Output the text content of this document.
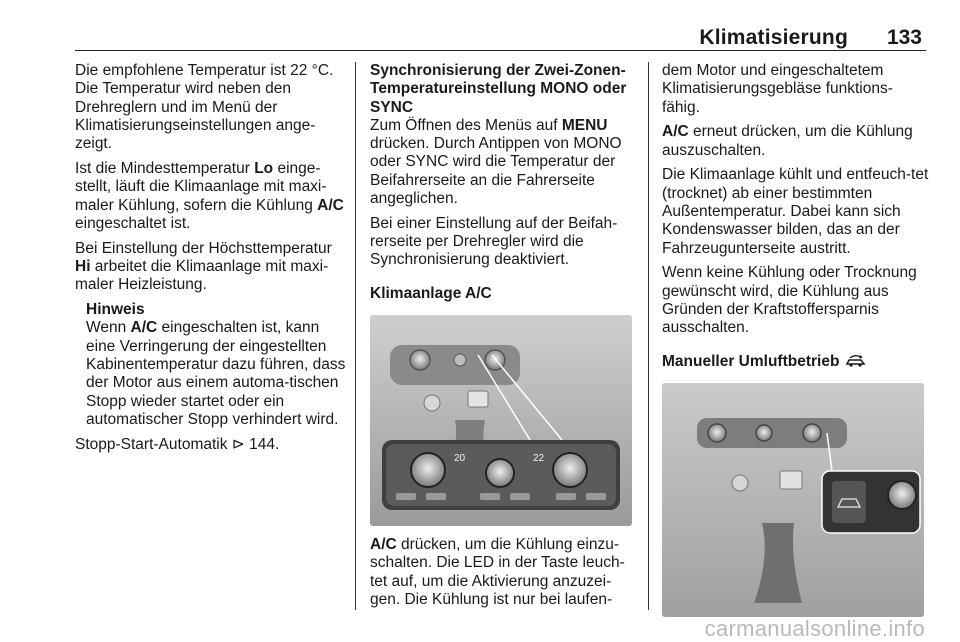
Klimatisierung 133

Die empfohlene Temperatur ist 22 °C. Die Temperatur wird neben den Drehreglern und im Menü der Klimatisierungseinstellungen ange‐zeigt.

Ist die Mindesttemperatur Lo einge‐stellt, läuft die Klimaanlage mit maxi‐maler Kühlung, sofern die Kühlung A/C eingeschaltet ist.

Bei Einstellung der Höchsttemperatur Hi arbeitet die Klimaanlage mit maxi‐maler Heizleistung.

Hinweis
Wenn A/C eingeschalten ist, kann eine Verringerung der eingestellten Kabinentemperatur dazu führen, dass der Motor aus einem automa‐tischen Stopp wieder startet oder ein automatischer Stopp verhindert wird.

Stopp-Start-Automatik ⊳ 144.

Synchronisierung der Zwei-Zonen-Temperatureinstellung MONO oder SYNC

Zum Öffnen des Menüs auf MENU drücken. Durch Antippen von MONO oder SYNC wird die Temperatur der Beifahrerseite an die Fahrerseite angeglichen.

Bei einer Einstellung auf der Beifah‐rerseite per Drehregler wird die Synchronisierung deaktiviert.

Klimaanlage A/C

20	22

A/C drücken, um die Kühlung einzu‐schalten. Die LED in der Taste leuch‐tet auf, um die Aktivierung anzuzei‐gen. Die Kühlung ist nur bei laufen‐

dem Motor und eingeschaltetem Klimatisierungsgebläse funktions‐fähig.

A/C erneut drücken, um die Kühlung auszuschalten.

Die Klimaanlage kühlt und entfeuch‐tet (trocknet) ab einer bestimmten Außentemperatur. Dabei kann sich Kondenswasser bilden, das an der Fahrzeugunterseite austritt.

Wenn keine Kühlung oder Trocknung gewünscht wird, die Kühlung aus Gründen der Kraftstoffersparnis ausschalten.

Manueller Umluftbetrieb

carmanualsonline.info
